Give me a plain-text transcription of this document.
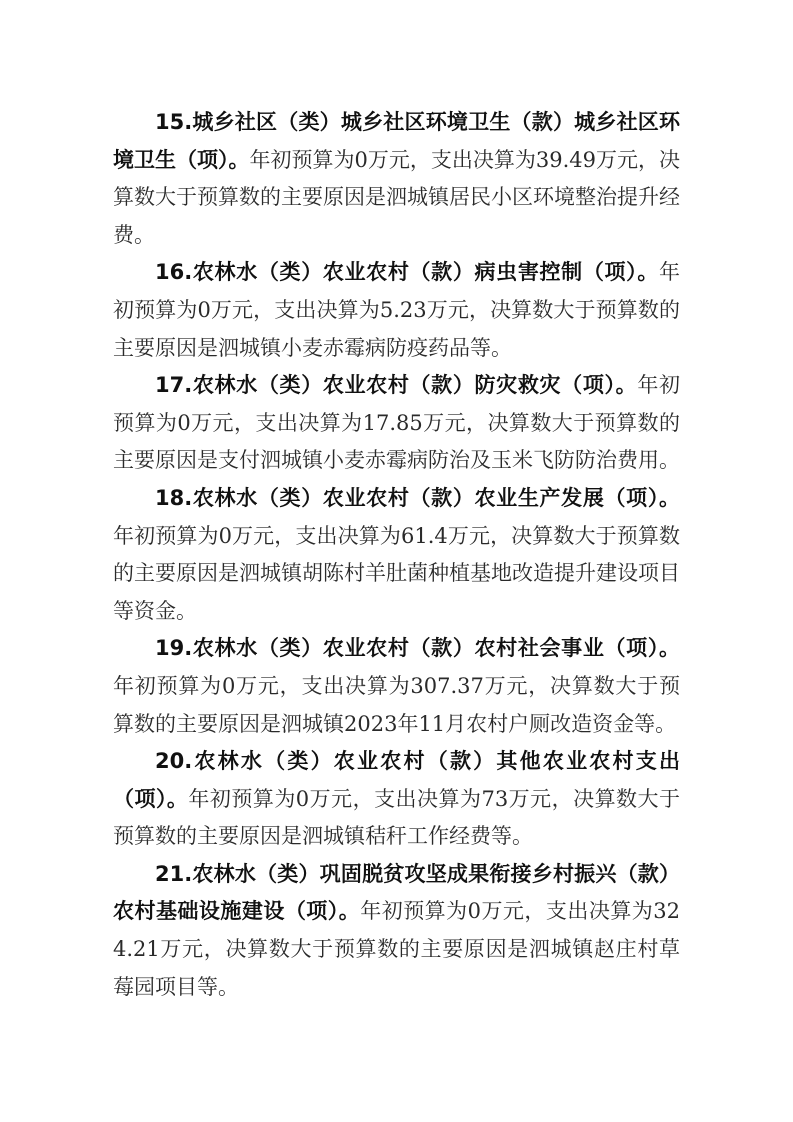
15.城乡社区（类）城乡社区环境卫生（款）城乡社区环境卫生（项）。年初预算为0万元，支出决算为39.49万元，决算数大于预算数的主要原因是泗城镇居民小区环境整治提升经费。

16.农林水（类）农业农村（款）病虫害控制（项）。年初预算为0万元，支出决算为5.23万元，决算数大于预算数的主要原因是泗城镇小麦赤霉病防疫药品等。

17.农林水（类）农业农村（款）防灾救灾（项）。年初预算为0万元，支出决算为17.85万元，决算数大于预算数的主要原因是支付泗城镇小麦赤霉病防治及玉米飞防防治费用。

18.农林水（类）农业农村（款）农业生产发展（项）。年初预算为0万元，支出决算为61.4万元，决算数大于预算数的主要原因是泗城镇胡陈村羊肚菌种植基地改造提升建设项目等资金。

19.农林水（类）农业农村（款）农村社会事业（项）。年初预算为0万元，支出决算为307.37万元，决算数大于预算数的主要原因是泗城镇2023年11月农村户厕改造资金等。

20.农林水（类）农业农村（款）其他农业农村支出（项）。年初预算为0万元，支出决算为73万元，决算数大于预算数的主要原因是泗城镇秸秆工作经费等。

21.农林水（类）巩固脱贫攻坚成果衔接乡村振兴（款）农村基础设施建设（项）。年初预算为0万元，支出决算为324.21万元，决算数大于预算数的主要原因是泗城镇赵庄村草莓园项目等。
